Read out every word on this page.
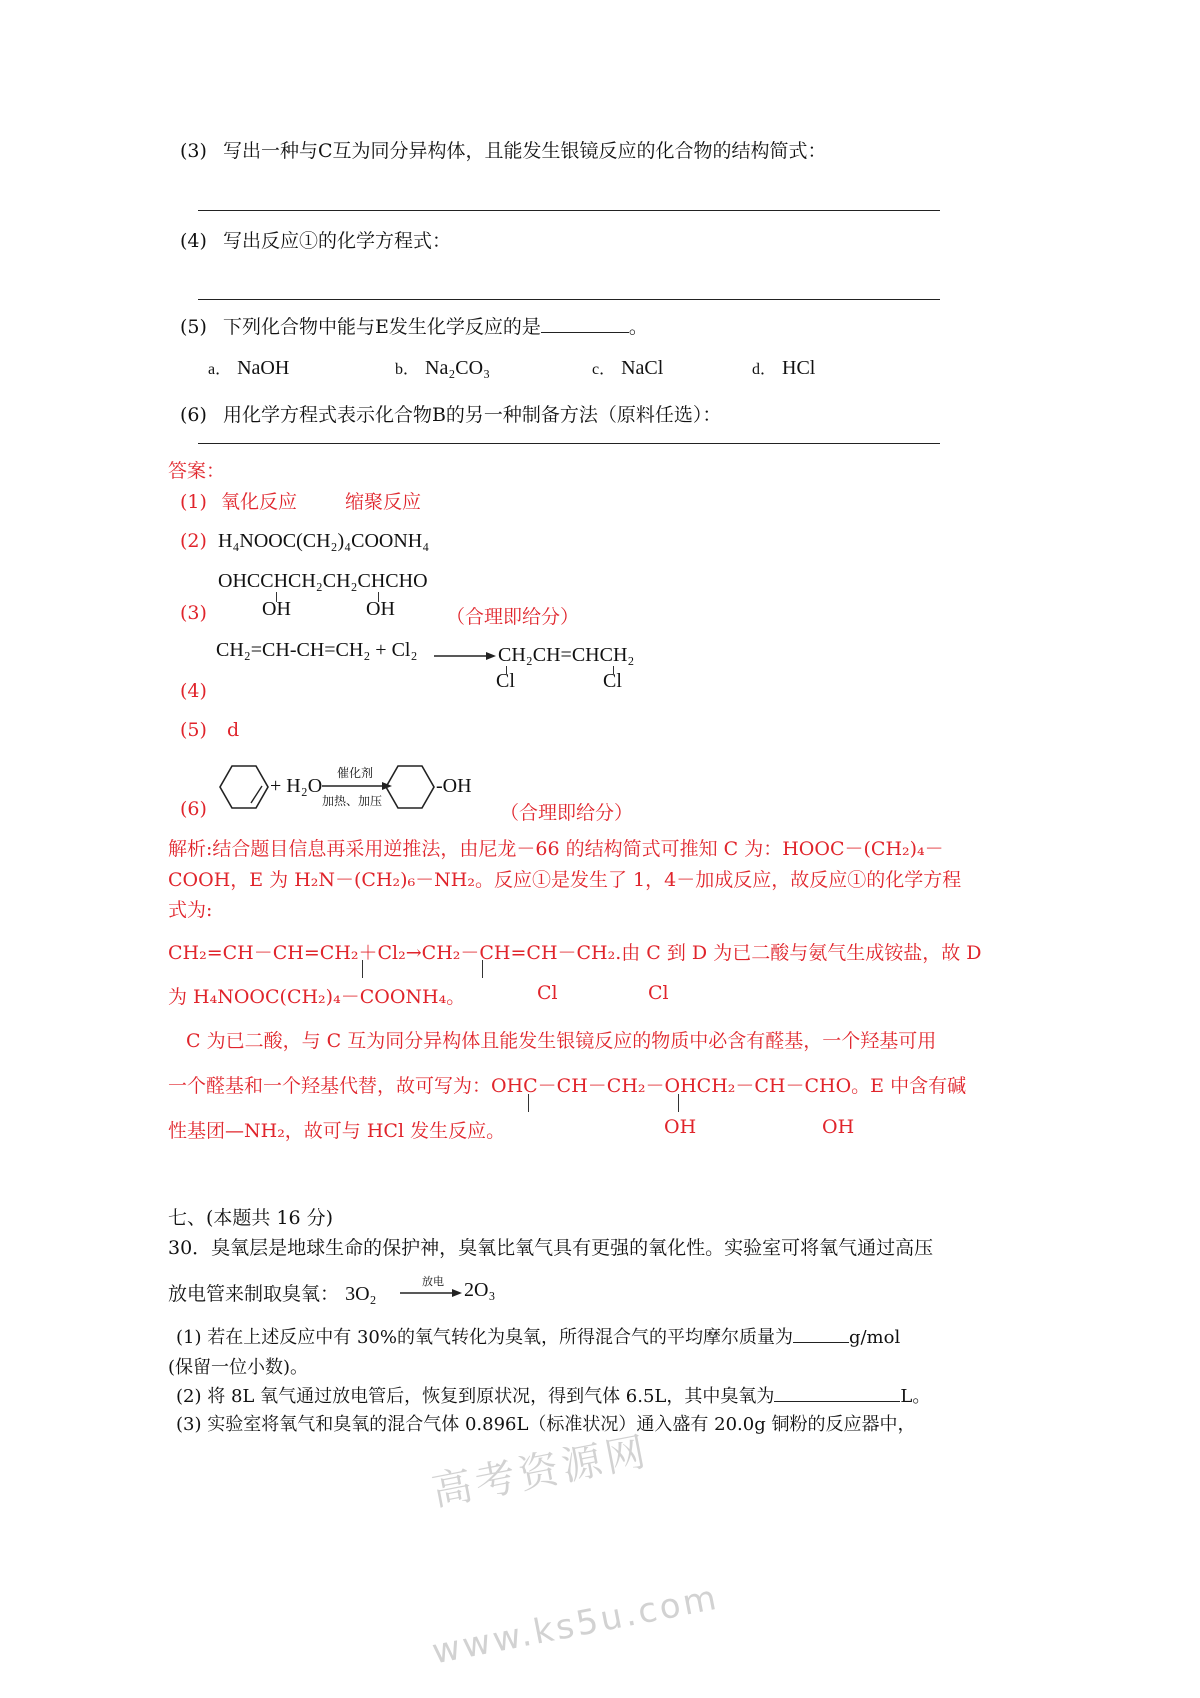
高考资源网
www.ks5u.com
(3) 写出一种与C互为同分异构体，且能发生银镜反应的化合物的结构简式：
(4) 写出反应①的化学方程式：
(5) 下列化合物中能与E发生化学反应的是	。
a． NaOH	b． Na₂CO₃	c． NaCl	d． HCl
(6) 用化学方程式表示化合物B的另一种制备方法（原料任选）：
答案：
(1) 氧化反应	缩聚反应
(2) H₄NOOC(CH₂)₄COONH₄
OHCCHCH₂CH₂CHCHO
(3)	OH	OH	（合理即给分）
CH₂=CH-CH=CH₂ + Cl₂	CH₂CH=CHCH₂
Cl	Cl
(4)
(5) d
+ H₂O
催化剂
加热、加压
-OH
(6)	（合理即给分）
解析:结合题目信息再采用逆推法，由尼龙－66 的结构简式可推知 C 为：HOOC－(CH₂)₄－
COOH，E 为 H₂N－(CH₂)₆－NH₂。反应①是发生了 1，4－加成反应，故反应①的化学方程
式为:
CH₂=CH－CH=CH₂＋Cl₂→CH₂－CH=CH－CH₂.由 C 到 D 为已二酸与氨气生成铵盐，故 D
为 H₄NOOC(CH₂)₄－COONH₄。	Cl	Cl
C 为已二酸，与 C 互为同分异构体且能发生银镜反应的物质中必含有醛基，一个羟基可用
一个醛基和一个羟基代替，故可写为：OHC－CH－CH₂－OHCH₂－CH－CHO。E 中含有碱
性基团—NH₂，故可与 HCl 发生反应。	OH	OH
七、(本题共 16 分)
30．臭氧层是地球生命的保护神，臭氧比氧气具有更强的氧化性。实验室可将氧气通过高压
放电管来制取臭氧： 3O₂
放电 → 2O₃
(1) 若在上述反应中有 30%的氧气转化为臭氧，所得混合气的平均摩尔质量为	g/mol
(保留一位小数)。
(2) 将 8L 氧气通过放电管后，恢复到原状况，得到气体 6.5L，其中臭氧为	L。
(3) 实验室将氧气和臭氧的混合气体 0.896L（标准状况）通入盛有 20.0g 铜粉的反应器中，
